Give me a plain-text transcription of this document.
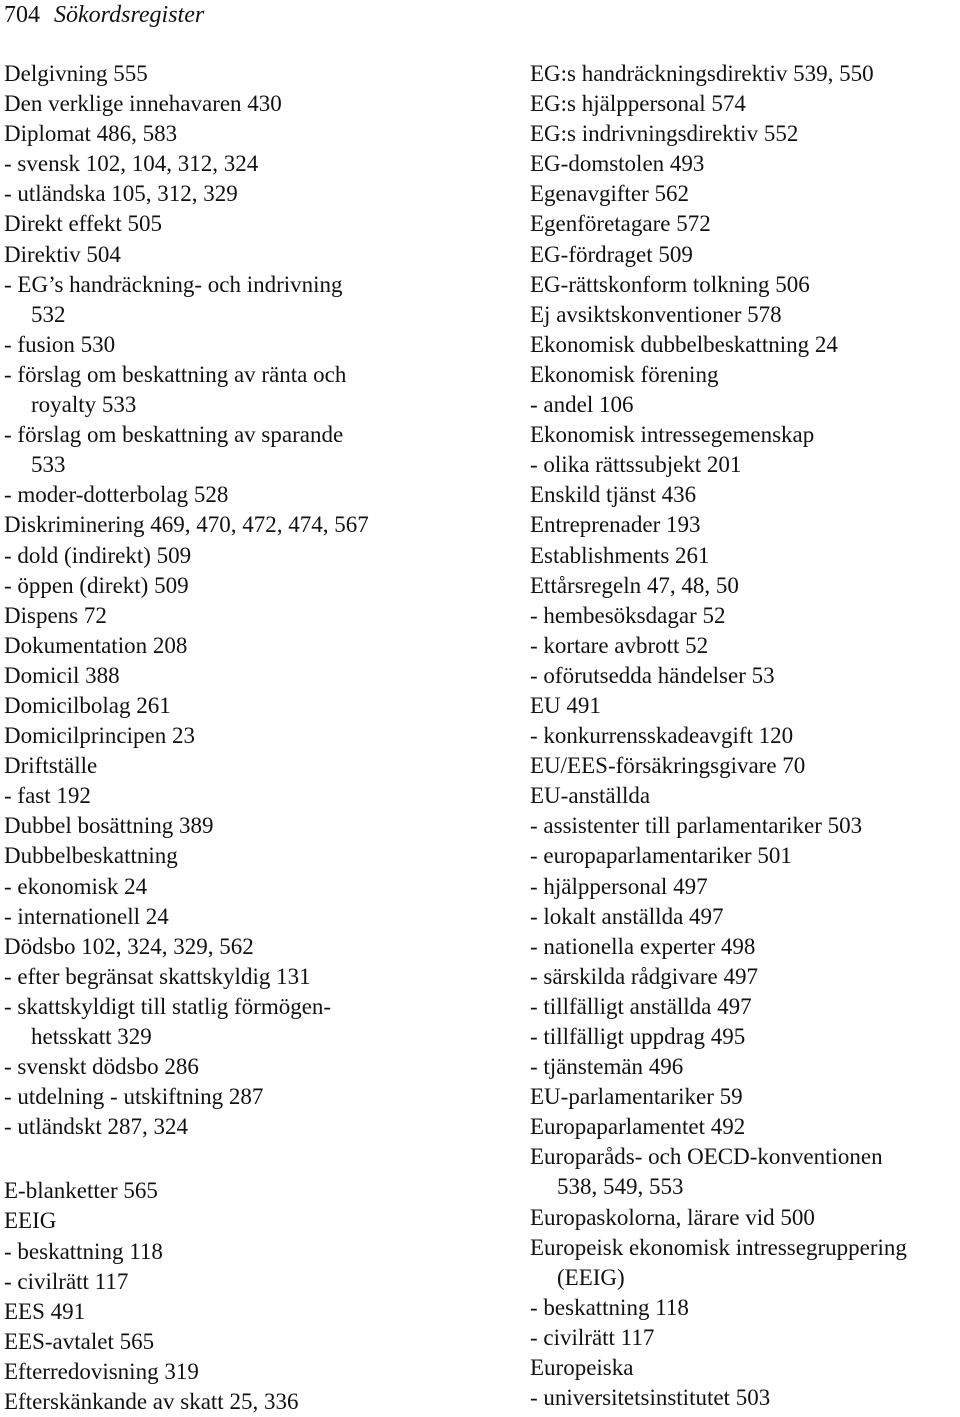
704 Sökordsregister
Delgivning 555
Den verklige innehavaren 430
Diplomat 486, 583
- svensk 102, 104, 312, 324
- utländska 105, 312, 329
Direkt effekt 505
Direktiv 504
- EG’s handräckning- och indrivning
532
- fusion 530
- förslag om beskattning av ränta och
royalty 533
- förslag om beskattning av sparande
533
- moder-dotterbolag 528
Diskriminering 469, 470, 472, 474, 567
- dold (indirekt) 509
- öppen (direkt) 509
Dispens 72
Dokumentation 208
Domicil 388
Domicilbolag 261
Domicilprincipen 23
Driftställe
- fast 192
Dubbel bosättning 389
Dubbelbeskattning
- ekonomisk 24
- internationell 24
Dödsbo 102, 324, 329, 562
- efter begränsat skattskyldig 131
- skattskyldigt till statlig förmögen-
hetsskatt 329
- svenskt dödsbo 286
- utdelning - utskiftning 287
- utländskt 287, 324
E-blanketter 565
EEIG
- beskattning 118
- civilrätt 117
EES 491
EES-avtalet 565
Efterredovisning 319
Efterskänkande av skatt 25, 336
EG:s handräckningsdirektiv 539, 550
EG:s hjälppersonal 574
EG:s indrivningsdirektiv 552
EG-domstolen 493
Egenavgifter 562
Egenföretagare 572
EG-fördraget 509
EG-rättskonform tolkning 506
Ej avsiktskonventioner 578
Ekonomisk dubbelbeskattning 24
Ekonomisk förening
- andel 106
Ekonomisk intressegemenskap
- olika rättssubjekt 201
Enskild tjänst 436
Entreprenader 193
Establishments 261
Ettårsregeln 47, 48, 50
- hembesöksdagar 52
- kortare avbrott 52
- oförutsedda händelser 53
EU 491
- konkurrensskadeavgift 120
EU/EES-försäkringsgivare 70
EU-anställda
- assistenter till parlamentariker 503
- europaparlamentariker 501
- hjälppersonal 497
- lokalt anställda 497
- nationella experter 498
- särskilda rådgivare 497
- tillfälligt anställda 497
- tillfälligt uppdrag 495
- tjänstemän 496
EU-parlamentariker 59
Europaparlamentet 492
Europaråds- och OECD-konventionen
538, 549, 553
Europaskolorna, lärare vid 500
Europeisk ekonomisk intressegruppering
(EEIG)
- beskattning 118
- civilrätt 117
Europeiska
- universitetsinstitutet 503
